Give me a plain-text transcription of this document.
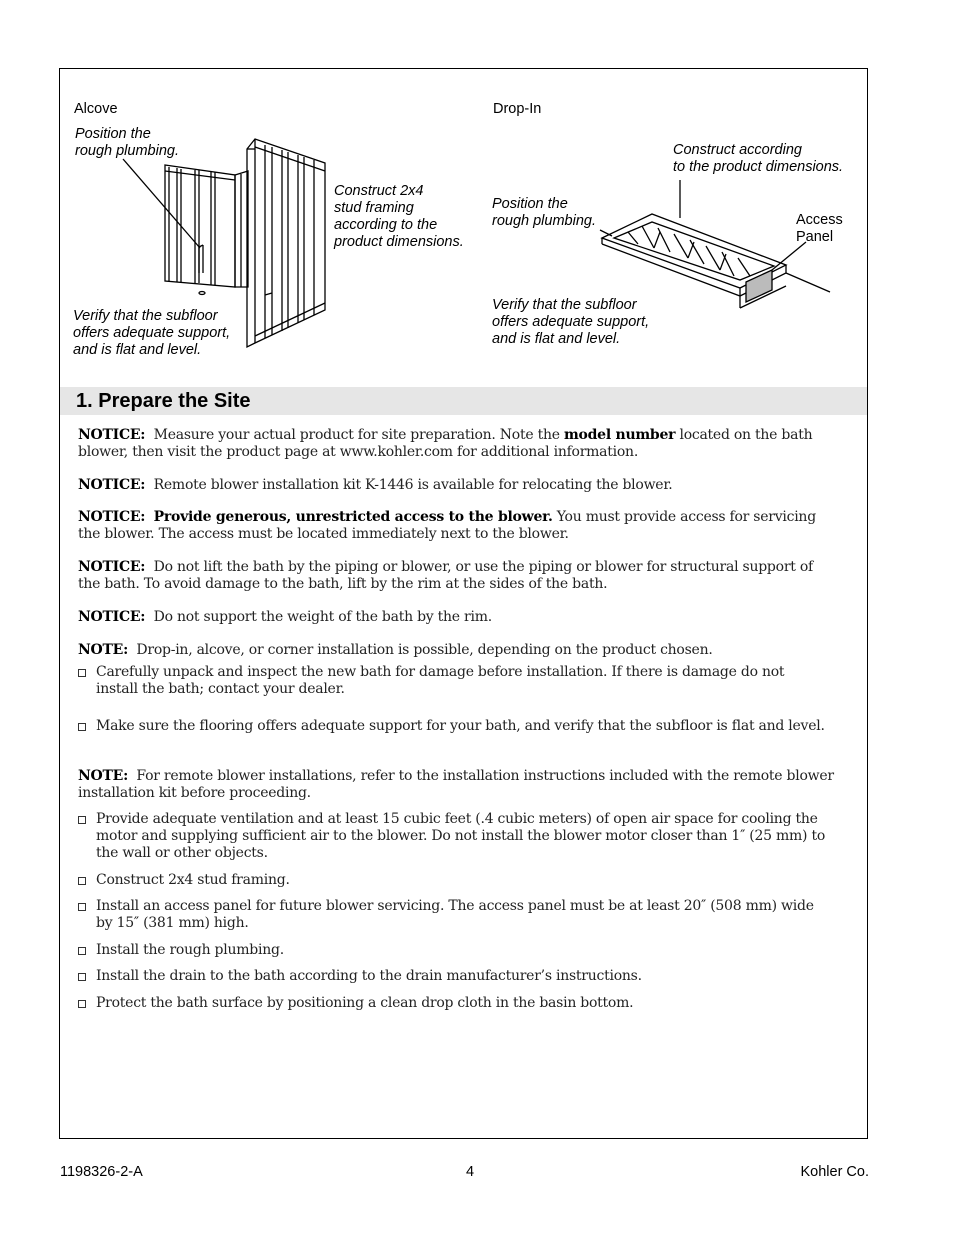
Alcove
Position the
rough plumbing.
Construct 2x4
stud framing
according to the
product dimensions.
Verify that the subfloor
offers adequate support,
and is flat and level.
Drop-In
Construct according
to the product dimensions.
Position the
rough plumbing.	Access
Panel
Verify that the subfloor
offers adequate support,
and is flat and level.
1. Prepare the Site
NOTICE: Measure your actual product for site preparation. Note the model number located on the bath blower, then visit the product page at www.kohler.com for additional information.
NOTICE: Remote blower installation kit K-1446 is available for relocating the blower.
NOTICE: Provide generous, unrestricted access to the blower. You must provide access for servicing the blower. The access must be located immediately next to the blower.
NOTICE: Do not lift the bath by the piping or blower, or use the piping or blower for structural support of the bath. To avoid damage to the bath, lift by the rim at the sides of the bath.
NOTICE: Do not support the weight of the bath by the rim.
NOTE: Drop-in, alcove, or corner installation is possible, depending on the product chosen.
Carefully unpack and inspect the new bath for damage before installation. If there is damage do not install the bath; contact your dealer.
Make sure the flooring offers adequate support for your bath, and verify that the subfloor is flat and level.
NOTE: For remote blower installations, refer to the installation instructions included with the remote blower installation kit before proceeding.
Provide adequate ventilation and at least 15 cubic feet (.4 cubic meters) of open air space for cooling the motor and supplying sufficient air to the blower. Do not install the blower motor closer than 1″ (25 mm) to the wall or other objects.
Construct 2x4 stud framing.
Install an access panel for future blower servicing. The access panel must be at least 20″ (508 mm) wide by 15″ (381 mm) high.
Install the rough plumbing.
Install the drain to the bath according to the drain manufacturer’s instructions.
Protect the bath surface by positioning a clean drop cloth in the basin bottom.
1198326-2-A	4	Kohler Co.
